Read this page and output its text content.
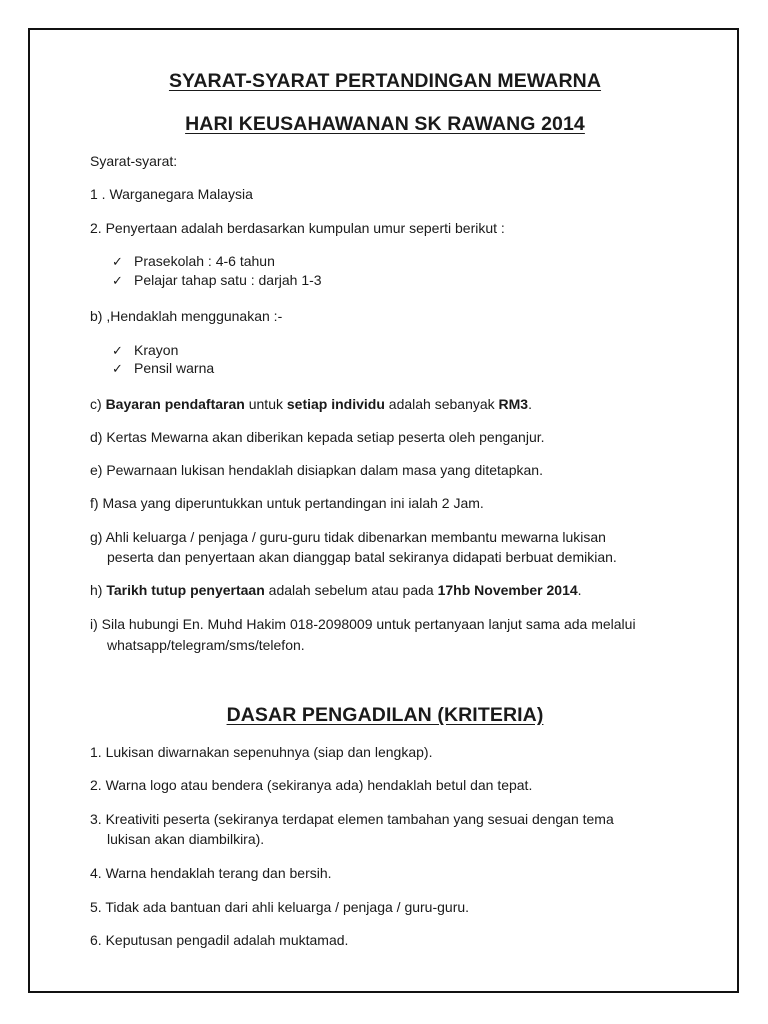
SYARAT-SYARAT PERTANDINGAN MEWARNA
HARI KEUSAHAWANAN SK RAWANG 2014
Syarat-syarat:
1 . Warganegara Malaysia
2. Penyertaan adalah berdasarkan kumpulan umur seperti berikut :
✓ Prasekolah : 4-6 tahun
✓ Pelajar tahap satu : darjah 1-3
b) ,Hendaklah menggunakan :-
✓ Krayon
✓ Pensil warna
c) Bayaran pendaftaran untuk setiap individu adalah sebanyak RM3.
d) Kertas Mewarna akan diberikan kepada setiap peserta oleh penganjur.
e) Pewarnaan lukisan hendaklah disiapkan dalam masa yang ditetapkan.
f) Masa yang diperuntukkan untuk pertandingan ini ialah 2 Jam.
g) Ahli keluarga / penjaga / guru-guru tidak dibenarkan membantu mewarna lukisan
peserta dan penyertaan akan dianggap batal sekiranya didapati berbuat demikian.
h) Tarikh tutup penyertaan adalah sebelum atau pada 17hb November 2014.
i) Sila hubungi En. Muhd Hakim 018-2098009 untuk pertanyaan lanjut sama ada melalui
whatsapp/telegram/sms/telefon.
DASAR PENGADILAN (KRITERIA)
1. Lukisan diwarnakan sepenuhnya (siap dan lengkap).
2. Warna logo atau bendera (sekiranya ada) hendaklah betul dan tepat.
3. Kreativiti peserta (sekiranya terdapat elemen tambahan yang sesuai dengan tema
lukisan akan diambilkira).
4. Warna hendaklah terang dan bersih.
5. Tidak ada bantuan dari ahli keluarga / penjaga / guru-guru.
6. Keputusan pengadil adalah muktamad.
